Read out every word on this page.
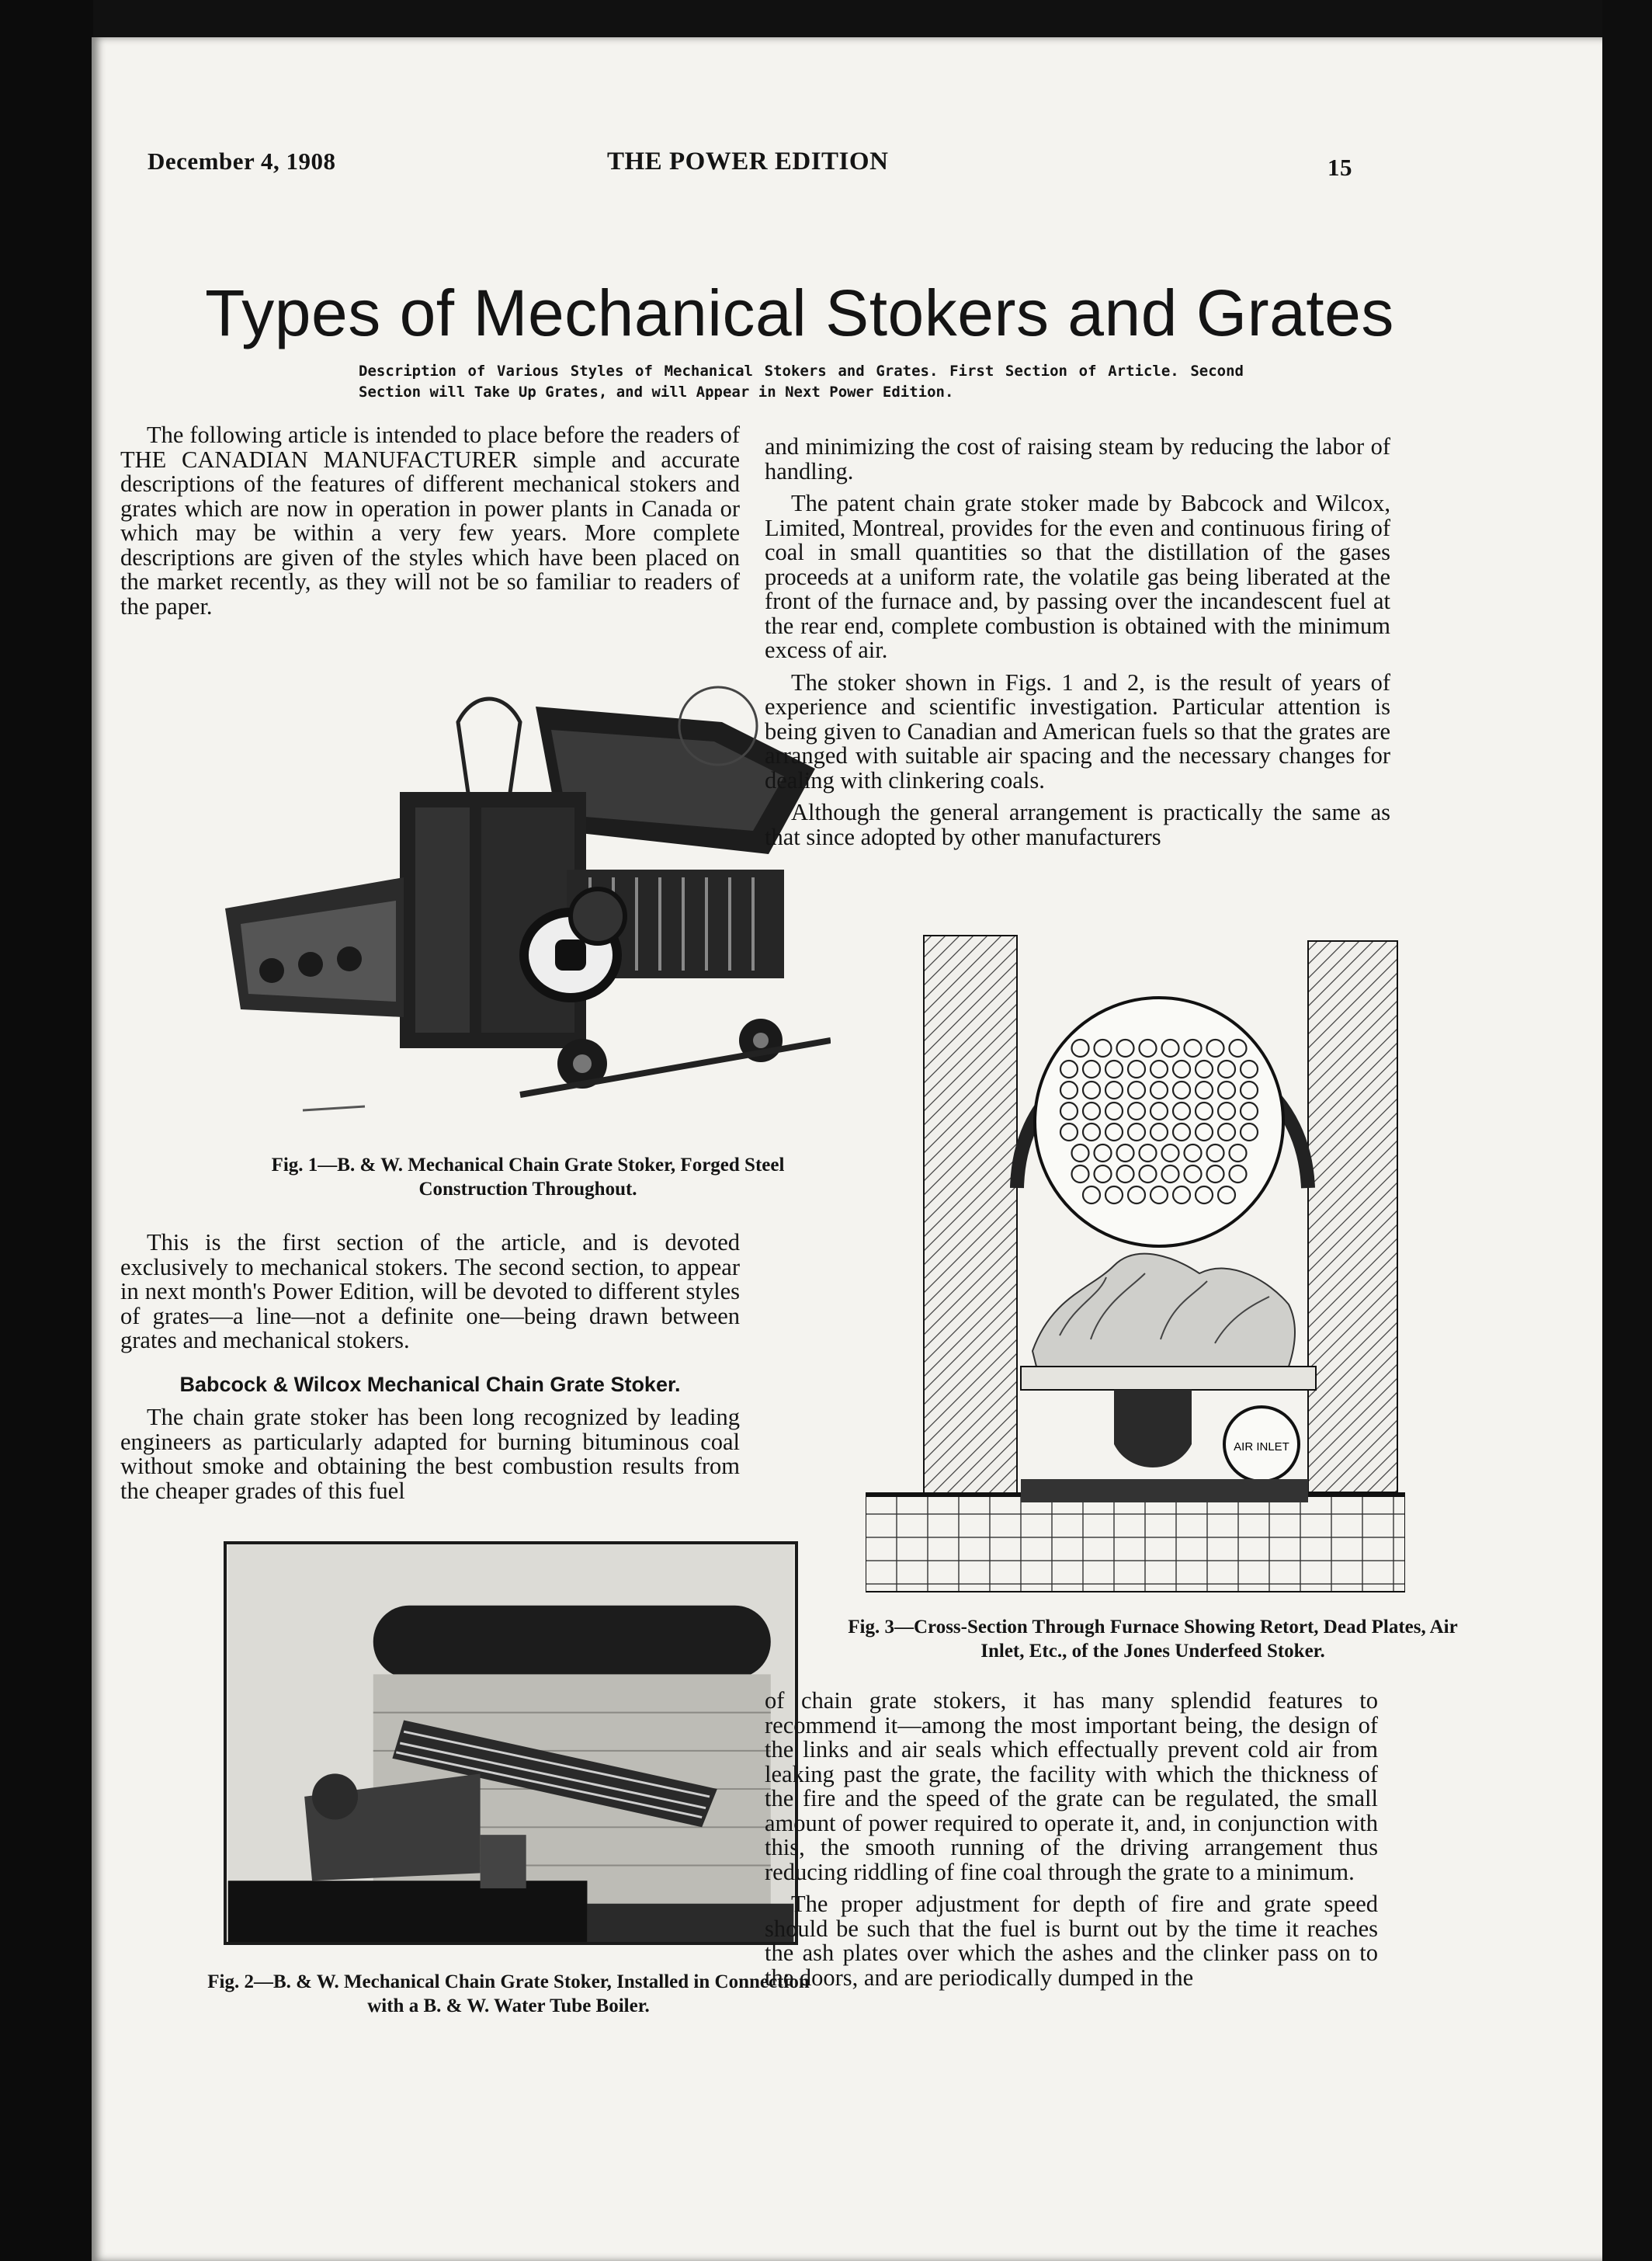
December 4, 1908	THE POWER EDITION	15
Types of Mechanical Stokers and Grates
Description of Various Styles of Mechanical Stokers and Grates. First Section of Article. Second Section will Take Up Grates, and will Appear in Next Power Edition.

The following article is intended to place before the readers of THE CANADIAN MANUFACTURER simple and accurate descriptions of the features of different mechanical stokers and grates which are now in operation in power plants in Canada or which may be within a very few years. More complete descriptions are given of the styles which have been placed on the market recently, as they will not be so familiar to readers of the paper.

Fig. 1—B. & W. Mechanical Chain Grate Stoker, Forged Steel Construction Throughout.

This is the first section of the article, and is devoted exclusively to mechanical stokers. The second section, to appear in next month's Power Edition, will be devoted to different styles of grates—a line—not a definite one—being drawn between grates and mechanical stokers.

Babcock & Wilcox Mechanical Chain Grate Stoker.

The chain grate stoker has been long recognized by leading engineers as particularly adapted for burning bituminous coal without smoke and obtaining the best combustion results from the cheaper grades of this fuel

Fig. 2—B. & W. Mechanical Chain Grate Stoker, Installed in Connection with a B. & W. Water Tube Boiler.

and minimizing the cost of raising steam by reducing the labor of handling.

The patent chain grate stoker made by Babcock and Wilcox, Limited, Montreal, provides for the even and continuous firing of coal in small quantities so that the distillation of the gases proceeds at a uniform rate, the volatile gas being liberated at the front of the furnace and, by passing over the incandescent fuel at the rear end, complete combustion is obtained with the minimum excess of air.

The stoker shown in Figs. 1 and 2, is the result of years of experience and scientific investigation. Particular attention is being given to Canadian and American fuels so that the grates are arranged with suitable air spacing and the necessary changes for dealing with clinkering coals.

Although the general arrangement is practically the same as that since adopted by other manufacturers

AIR INLET
Fig. 3—Cross-Section Through Furnace Showing Retort, Dead Plates, Air Inlet, Etc., of the Jones Underfeed Stoker.

of chain grate stokers, it has many splendid features to recommend it—among the most important being, the design of the links and air seals which effectually prevent cold air from leaking past the grate, the facility with which the thickness of the fire and the speed of the grate can be regulated, the small amount of power required to operate it, and, in conjunction with this, the smooth running of the driving arrangement thus reducing riddling of fine coal through the grate to a minimum.

The proper adjustment for depth of fire and grate speed should be such that the fuel is burnt out by the time it reaches the ash plates over which the ashes and the clinker pass on to the doors, and are periodically dumped in the
